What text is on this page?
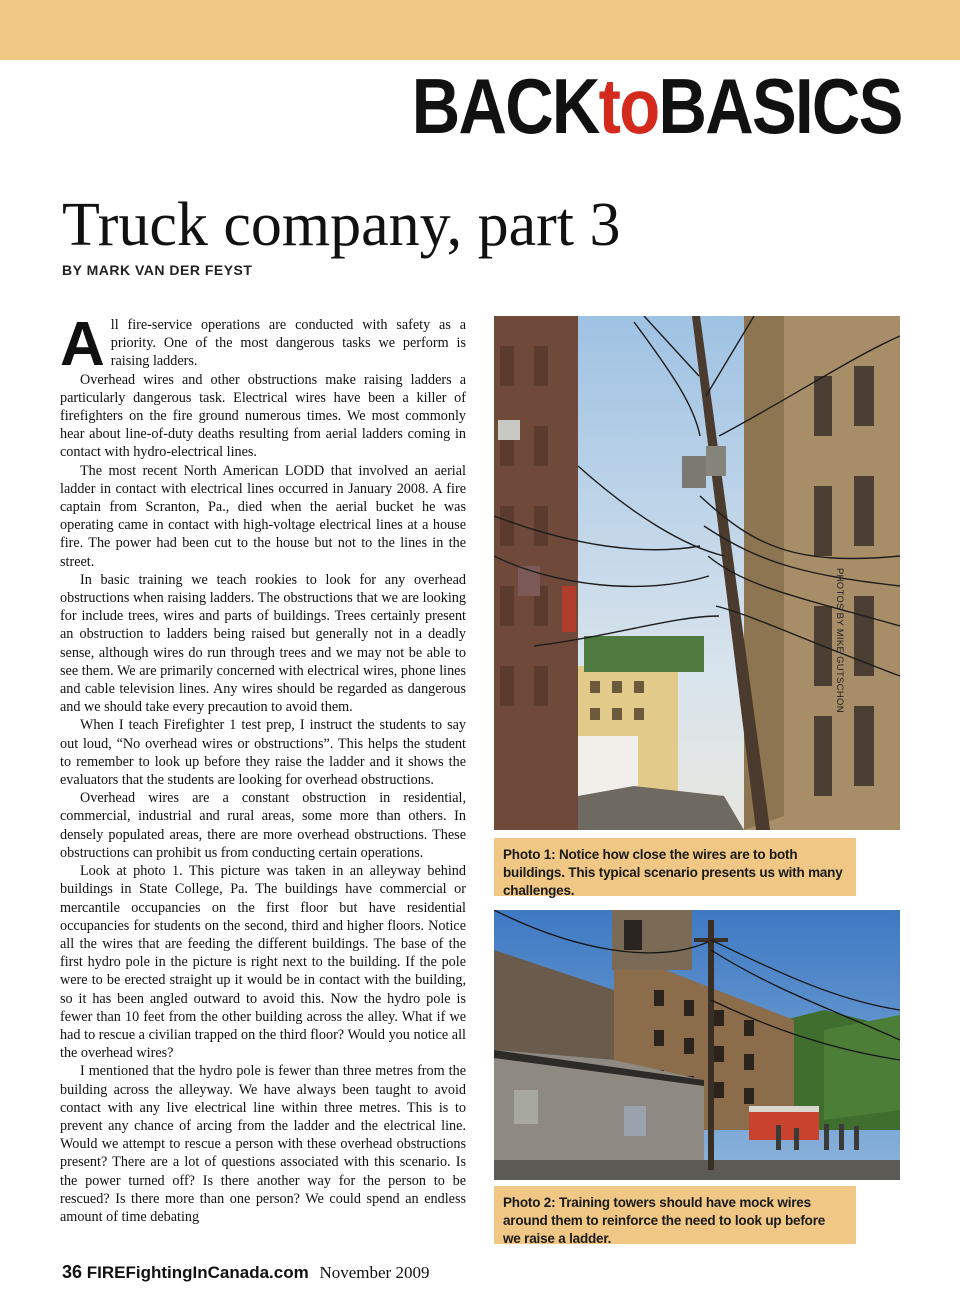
BACKtoBASICS
Truck company, part 3
BY MARK VAN DER FEYST

All fire-service operations are conducted with safety as a priority. One of the most dangerous tasks we perform is raising ladders.

Overhead wires and other obstructions make raising ladders a particularly dangerous task. Electrical wires have been a killer of firefighters on the fire ground numerous times. We most commonly hear about line-of-duty deaths resulting from aerial ladders coming in contact with hydro-electrical lines.

The most recent North American LODD that involved an aerial ladder in contact with electrical lines occurred in January 2008. A fire captain from Scranton, Pa., died when the aerial bucket he was operating came in contact with high-voltage electrical lines at a house fire. The power had been cut to the house but not to the lines in the street.

In basic training we teach rookies to look for any overhead obstructions when raising ladders. The obstructions that we are looking for include trees, wires and parts of buildings. Trees certainly present an obstruction to ladders being raised but generally not in a deadly sense, although wires do run through trees and we may not be able to see them. We are primarily concerned with electrical wires, phone lines and cable television lines. Any wires should be regarded as dangerous and we should take every precaution to avoid them.

When I teach Firefighter 1 test prep, I instruct the students to say out loud, “No overhead wires or obstructions”. This helps the student to remember to look up before they raise the ladder and it shows the evaluators that the students are looking for overhead obstructions.

Overhead wires are a constant obstruction in residential, commercial, industrial and rural areas, some more than others. In densely populated areas, there are more overhead obstructions. These obstructions can prohibit us from conducting certain operations.

Look at photo 1. This picture was taken in an alleyway behind buildings in State College, Pa. The buildings have commercial or mercantile occupancies on the first floor but have residential occupancies for students on the second, third and higher floors. Notice all the wires that are feeding the different buildings. The base of the first hydro pole in the picture is right next to the building. If the pole were to be erected straight up it would be in contact with the building, so it has been angled outward to avoid this. Now the hydro pole is fewer than 10 feet from the other building across the alley. What if we had to rescue a civilian trapped on the third floor? Would you notice all the overhead wires?

I mentioned that the hydro pole is fewer than three metres from the building across the alleyway. We have always been taught to avoid contact with any live electrical line within three metres. This is to prevent any chance of arcing from the ladder and the electrical line. Would we attempt to rescue a person with these overhead obstructions present? There are a lot of questions associated with this scenario. Is the power turned off? Is there another way for the person to be rescued? Is there more than one person? We could spend an endless amount of time debating

PHOTOS BY MIKE GUTSCHON
Photo 1: Notice how close the wires are to both buildings. This typical scenario presents us with many challenges.
Photo 2: Training towers should have mock wires around them to reinforce the need to look up before we raise a ladder.
36 FIREFightingInCanada.com November 2009
